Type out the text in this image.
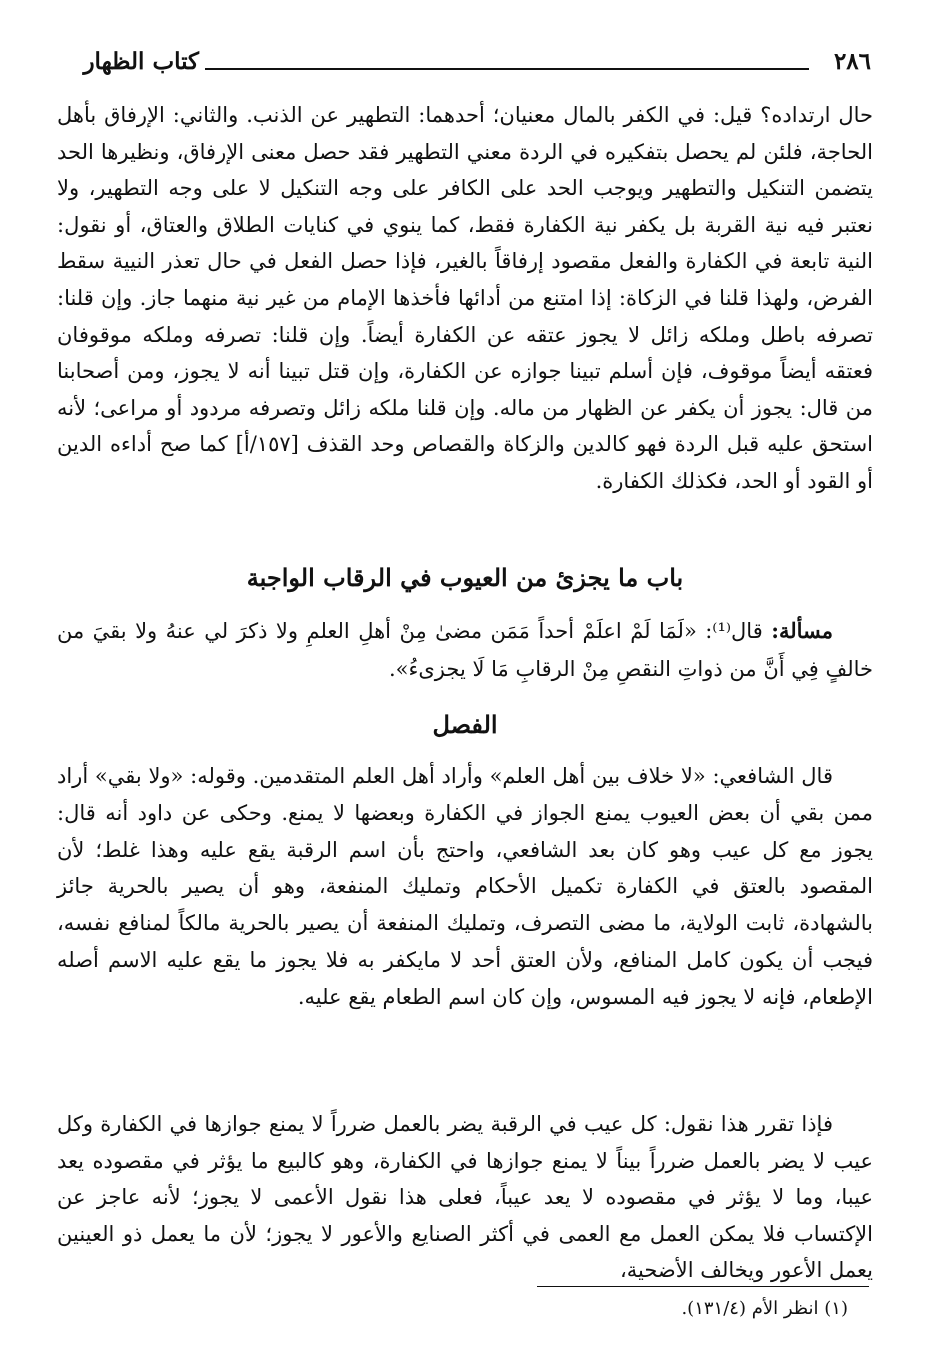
٢٨٦
كتاب الظهار

حال ارتداده؟ قيل: في الكفر بالمال معنيان؛ أحدهما: التطهير عن الذنب. والثاني: الإرفاق بأهل الحاجة، فلئن لم يحصل بتفكيره في الردة معني التطهير فقد حصل معنى الإرفاق، ونظيرها الحد يتضمن التنكيل والتطهير ويوجب الحد على الكافر على وجه التنكيل لا على وجه التطهير، ولا نعتبر فيه نية القربة بل يكفر نية الكفارة فقط، كما ينوي في كنايات الطلاق والعتاق، أو نقول: النية تابعة في الكفارة والفعل مقصود إرفاقاً بالغير، فإذا حصل الفعل في حال تعذر النيية سقط الفرض، ولهذا قلنا في الزكاة: إذا امتنع من أدائها فأخذها الإمام من غير نية منهما جاز. وإن قلنا: تصرفه باطل وملكه زائل لا يجوز عتقه عن الكفارة أيضاً. وإن قلنا: تصرفه وملكه موقوفان فعتقه أيضاً موقوف، فإن أسلم تبينا جوازه عن الكفارة، وإن قتل تبينا أنه لا يجوز، ومن أصحابنا من قال: يجوز أن يكفر عن الظهار من ماله. وإن قلنا ملكه زائل وتصرفه مردود أو مراعى؛ لأنه استحق عليه قبل الردة فهو كالدين والزكاة والقصاص وحد القذف [١٥٧/أ] كما صح أداءه الدين أو القود أو الحد، فكذلك الكفارة.

باب ما يجزئ من العيوب في الرقاب الواجبة

مسألة: قال⁽¹⁾: «لَمَا لَمْ اعلَمْ أحداً مَمَن مضىٰ مِنْ أهلِ العلمِ ولا ذكرَ لي عنهُ ولا بقيَ من خالفٍ فِي أَنَّ من ذواتِ النقصِ مِنْ الرقابِ مَا لَا يجزىءُ».

الفصل

قال الشافعي: «لا خلاف بين أهل العلم» وأراد أهل العلم المتقدمين. وقوله: «ولا بقي» أراد ممن بقي أن بعض العيوب يمنع الجواز في الكفارة وبعضها لا يمنع. وحكى عن داود أنه قال: يجوز مع كل عيب وهو كان بعد الشافعي، واحتج بأن اسم الرقبة يقع عليه وهذا غلط؛ لأن المقصود بالعتق في الكفارة تكميل الأحكام وتمليك المنفعة، وهو أن يصير بالحرية جائز بالشهادة، ثابت الولاية، ما مضى التصرف، وتمليك المنفعة أن يصير بالحرية مالكاً لمنافع نفسه، فيجب أن يكون كامل المنافع، ولأن العتق أحد لا مايكفر به فلا يجوز ما يقع عليه الاسم أصله الإطعام، فإنه لا يجوز فيه المسوس، وإن كان اسم الطعام يقع عليه.

فإذا تقرر هذا نقول: كل عيب في الرقبة يضر بالعمل ضرراً لا يمنع جوازها في الكفارة وكل عيب لا يضر بالعمل ضرراً بيناً لا يمنع جوازها في الكفارة، وهو كالبيع ما يؤثر في مقصوده يعد عيبا، وما لا يؤثر في مقصوده لا يعد عيباً، فعلى هذا نقول الأعمى لا يجوز؛ لأنه عاجز عن الإكتساب فلا يمكن العمل مع العمى في أكثر الصنايع والأعور لا يجوز؛ لأن ما يعمل ذو العينين يعمل الأعور ويخالف الأضحية،

(١) انظر الأم (١٣١/٤).
